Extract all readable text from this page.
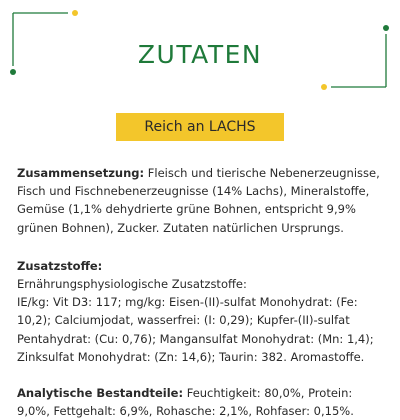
ZUTATEN
Reich an LACHS

Zusammensetzung: Fleisch und tierische Nebenerzeugnisse, Fisch und Fischnebenerzeugnisse (14% Lachs), Mineralstoffe, Gemüse (1,1% dehydrierte grüne Bohnen, entspricht 9,9% grünen Bohnen), Zucker. Zutaten natürlichen Ursprungs.

Zusatzstoffe:
Ernährungsphysiologische Zusatzstoffe:
IE/kg: Vit D3: 117; mg/kg: Eisen-(II)-sulfat Monohydrat: (Fe: 10,2); Calciumjodat, wasserfrei: (I: 0,29); Kupfer-(II)-sulfat Pentahydrat: (Cu: 0,76); Mangansulfat Monohydrat: (Mn: 1,4); Zinksulfat Monohydrat: (Zn: 14,6); Taurin: 382. Aromastoffe.

Analytische Bestandteile: Feuchtigkeit: 80,0%, Protein: 9,0%, Fettgehalt: 6,9%, Rohasche: 2,1%, Rohfaser: 0,15%.
